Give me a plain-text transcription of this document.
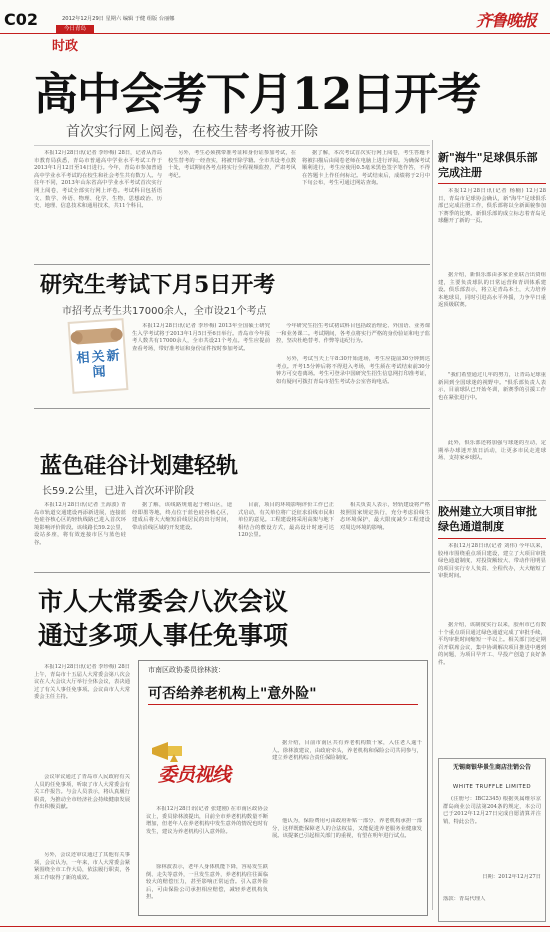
C02	2012年12月29日 星期六 编辑 于健 组版 台丽娜	齐鲁晚报
今日青岛
时政
高中会考下月12日开考
首次实行网上阅卷，在校生替考将被开除
本报12月28日讯(记者 李珍梅) 28日，记者从青岛市教育局获悉，青岛市普通高中学业水平考试工作于2013年1月12日至14日进行。今年，青岛市参加普通高中学业水平考试的在校生和社会考生共有数万人。与往年不同，2013年山东省高中学业水平考试首次实行网上阅卷，考试全部实行网上评卷。考试科目包括语文、数学、外语、物理、化学、生物、思想政治、历史、地理、信息技术和通用技术，共11个科目。
另外，考生必须携带准考证和身份证参加考试，在校生替考的一经查实，将被开除学籍。全市共设考点数十处，考试期间各考点将实行全程视频监控，严肃考风考纪。
据了解，本次考试首次实行网上阅卷，考生答题卡将被扫描后由阅卷老师在电脑上进行评阅。为确保考试顺利进行，考生应使用0.5毫米黑色签字笔作答，不得在答题卡上作任何标记。考试结束后，成绩将于2月中下旬公布，考生可通过网站查询。
新"海牛"足球俱乐部完成注册
本报12月28日讯(记者 杨楠) 12月28日，青岛市足球协会确认，新"海牛"足球俱乐部已完成注册工作，俱乐部将以全新面貌参加下赛季的比赛。新俱乐部的成立标志着青岛足球翻开了新的一页。
据介绍，新俱乐部由多家企业联合出资组建，主要负责球队的日常运营和青训体系建设。俱乐部表示，将立足青岛本土，大力培养本地球员，同时引进高水平外援，力争早日重返顶级联赛。
"我们希望通过几年的努力，让青岛足球重新回到全国球迷的视野中。"俱乐部负责人表示，目前球队已开始冬训，新赛季的引援工作也在紧张进行中。
此外，俱乐部还将加强与球迷的互动，定期举办球迷开放日活动，让更多市民走进球场、支持家乡球队。
胶州建立大项目审批绿色通道制度
本报12月28日讯(记者 刘伟) 今年以来，胶州市围绕重点项目建设，建立了大项目审批绿色通道制度，对投资额较大、带动作用明显的项目实行专人负责、全程代办，大大缩短了审批时间。
据介绍，该制度实行以来，胶州市已有数十个重点项目通过绿色通道完成了审批手续，平均审批时间缩短一半以上。相关部门还定期召开联席会议，集中协调解决项目推进中遇到的问题，为项目早开工、早投产创造了良好条件。
无锡商银华景生商店注销公告
WHITE TRUFFLE LIMITED
(注册号：IBC2345) 根据英属维尔京群岛商业公司法第204条的规定，本公司已于2012年12月27日完成自愿清算并注销，特此公告。
日期：2012年12月27日
落款：青岛代理人
研究生考试下月5日开考
市招考点考生共17000余人，全市设21个考点
相关新闻
本报12月28日讯(记者 李珍梅) 2013年全国硕士研究生入学考试将于2013年1月5日至6日举行。青岛市今年报考人数共有17000余人，全市共设21个考点。考生应提前查看考场，带好准考证和身份证件按时参加考试。
今年研究生招生考试初试科目包括政治理论、外国语、业务课一和业务课二。考试期间，各考点将实行严格的身份验证和电子监控，坚决杜绝替考、作弊等违纪行为。
另外，考试当天上午8:30开始进场，考生应提前30分钟到达考点。开考15分钟后将不得进入考场，考生须在考试结束前30分钟方可交卷离场。考生可登录中国研究生招生信息网打印准考证，如有疑问可拨打青岛市招生考试办公室咨询电话。
蓝色硅谷计划建轻轨
长59.2公里，已进入首次环评阶段
本报12月28日讯(记者 王海波) 青岛市轨道交通建设再添新进展，连接蓝色硅谷核心区的轻轨线路已进入首次环境影响评价阶段。该线路长59.2公里，设站多座，将有效连接市区与蓝色硅谷。
据了解，该线路规划起于崂山区，途经即墨等地，终点位于蓝色硅谷核心区，建成后将大大缩短沿线居民的出行时间，带动沿线区域的开发建设。
目前，项目的环境影响评价工作已正式启动，有关单位将广泛征求沿线市民和单位的意见。工程建设将采用高架与地下相结合的敷设方式，最高设计时速可达120公里。
相关负责人表示，轻轨建设将严格按照国家规定执行，充分考虑沿线生态环境保护，最大限度减少工程建设对周边环境的影响。
市人大常委会八次会议
通过多项人事任免事项
本报12月28日讯(记者 李珍梅) 28日上午，青岛市十五届人大常委会第八次会议在人大会议大厅举行全体会议，表决通过了有关人事任免事项。会议由市人大常委会主任主持。
会议审议通过了青岛市人民政府有关人员的任免事项，听取了市人大常委会有关工作报告。与会人员表示，将认真履行职责，为推动全市经济社会持续健康发展作出积极贡献。
另外，会议还审议通过了其他有关事项，会议认为，一年来，市人大常委会紧紧围绕全市工作大局，依法履行职责，各项工作取得了新的成效。
市南区政协委员徐林波：
可否给养老机构上"意外险"
委员视线
本报12月28日讯(记者 张建刚) 在市南区政协会议上，委员徐林波提出，目前全市养老机构数量不断增加，但老年人在养老机构中发生意外的情况也时有发生，建议为养老机构引入意外险。
徐林波表示，老年人身体机能下降，容易发生跌倒、走失等意外，一旦发生意外，养老机构往往面临较大的赔偿压力，甚至影响正常运营。引入意外险后，可由保险公司承担相应赔偿，减轻养老机构负担。
据介绍，目前市南区共有养老机构数十家，入住老人逾千人。徐林波建议，由政府牵头，养老机构和保险公司共同参与，建立养老机构综合责任保险制度。
他认为，保险费用可由政府补贴一部分、养老机构承担一部分，这样既能保障老人的合法权益，又能促进养老服务业健康发展。该提案已引起相关部门的重视，有望在明年进行试点。
